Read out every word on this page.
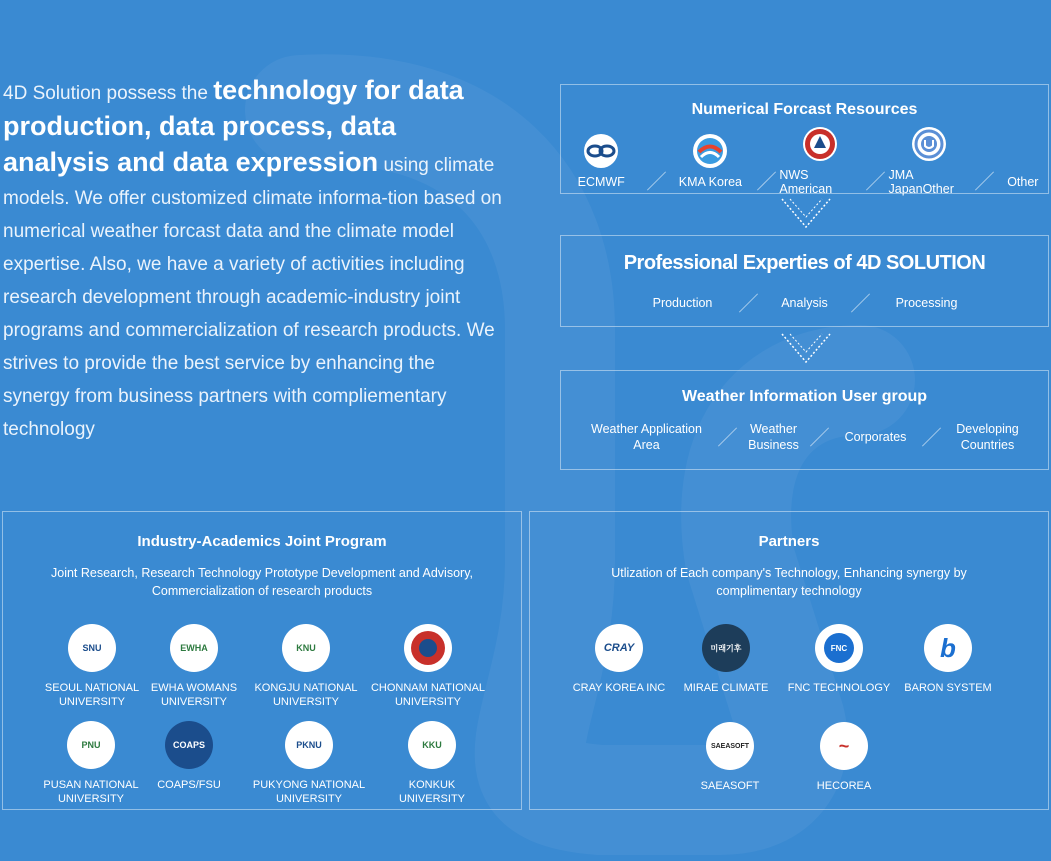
4D Solution possess the technology for data production, data process, data analysis and data expression using climate models. We offer customized climate informa-tion based on numerical weather forcast data and the climate model expertise. Also, we have a variety of activities including research development through academic-industry joint programs and commercialization of research products. We strives to provide the best service by enhancing the synergy from business partners with compliementary technology

Numerical Forcast Resources
ECMWF	KMA Korea	NWS American
JMA JapanOther	Other
Professional Experties of 4D SOLUTION
Production	Analysis	Processing
Weather Information User group
Weather Application
Area
Weather
Business
Corporates
Developing
Countries
Industry-Academics Joint Program
Joint Research, Research Technology Prototype Development and Advisory, Commercialization of research products
SNU
SEOUL NATIONAL
UNIVERSITY
EWHA
EWHA WOMANS
UNIVERSITY
KNU
KONGJU NATIONAL
UNIVERSITY
CHONNAM NATIONAL
UNIVERSITY
PNU
PUSAN NATIONAL
UNIVERSITY
COAPS
COAPS/FSU
PKNU
PUKYONG NATIONAL
UNIVERSITY
KKU
KONKUK
UNIVERSITY
Partners
Utlization of Each company's Technology, Enhancing synergy by complimentary technology
CRAY
CRAY KOREA INC
미래기후
MIRAE CLIMATE
FNC
FNC TECHNOLOGY
b
BARON SYSTEM
SAEASOFT
SAEASOFT
~
HECOREA
